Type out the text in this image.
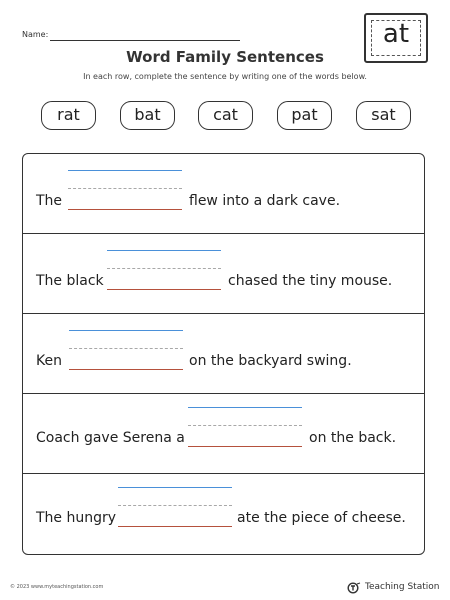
Name:	at
Word Family Sentences
In each row, complete the sentence by writing one of the words below.
rat	bat	cat	pat	sat
The	flew into a dark cave.
The black	chased the tiny mouse.
Ken	on the backyard swing.
Coach gave Serena a	on the back.
The hungry	ate the piece of cheese.
© 2023 www.myteachingstation.com	Teaching Station
